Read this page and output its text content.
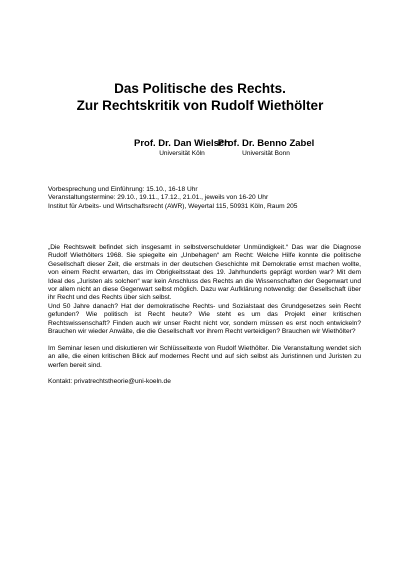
Das Politische des Rechts.
Zur Rechtskritik von Rudolf Wiethölter
Prof. Dr. Dan Wielsch
Universität Köln
Prof. Dr. Benno Zabel
Universität Bonn
Vorbesprechung und Einführung: 15.10., 16-18 Uhr
Veranstaltungstermine: 29.10., 19.11., 17.12., 21.01., jeweils von 16-20 Uhr
Institut für Arbeits- und Wirtschaftsrecht (AWR), Weyertal 115, 50931 Köln, Raum 205

„Die Rechtswelt befindet sich insgesamt in selbstverschuldeter Unmündigkeit.“ Das war die Diagnose Rudolf Wiethölters 1968. Sie spiegelte ein „Unbehagen“ am Recht: Welche Hilfe konnte die politische Gesellschaft dieser Zeit, die erstmals in der deutschen Geschichte mit Demokratie ernst machen wollte, von einem Recht erwarten, das im Obrigkeitsstaat des 19. Jahrhunderts geprägt worden war? Mit dem Ideal des „Juristen als solchen“ war kein Anschluss des Rechts an die Wissenschaften der Gegenwart und vor allem nicht an diese Gegenwart selbst möglich. Dazu war Aufklärung notwendig: der Gesellschaft über ihr Recht und des Rechts über sich selbst.

Und 50 Jahre danach? Hat der demokratische Rechts- und Sozialstaat des Grundgesetzes sein Recht gefunden? Wie politisch ist Recht heute? Wie steht es um das Projekt einer kritischen Rechtswissenschaft? Finden auch wir unser Recht nicht vor, sondern müssen es erst noch entwickeln? Brauchen wir wieder Anwälte, die die Gesellschaft vor ihrem Recht verteidigen? Brauchen wir Wiethölter?

Im Seminar lesen und diskutieren wir Schlüsseltexte von Rudolf Wiethölter. Die Veranstaltung wendet sich an alle, die einen kritischen Blick auf modernes Recht und auf sich selbst als Juristinnen und Juristen zu werfen bereit sind.

Kontakt: privatrechtstheorie@uni-koeln.de
